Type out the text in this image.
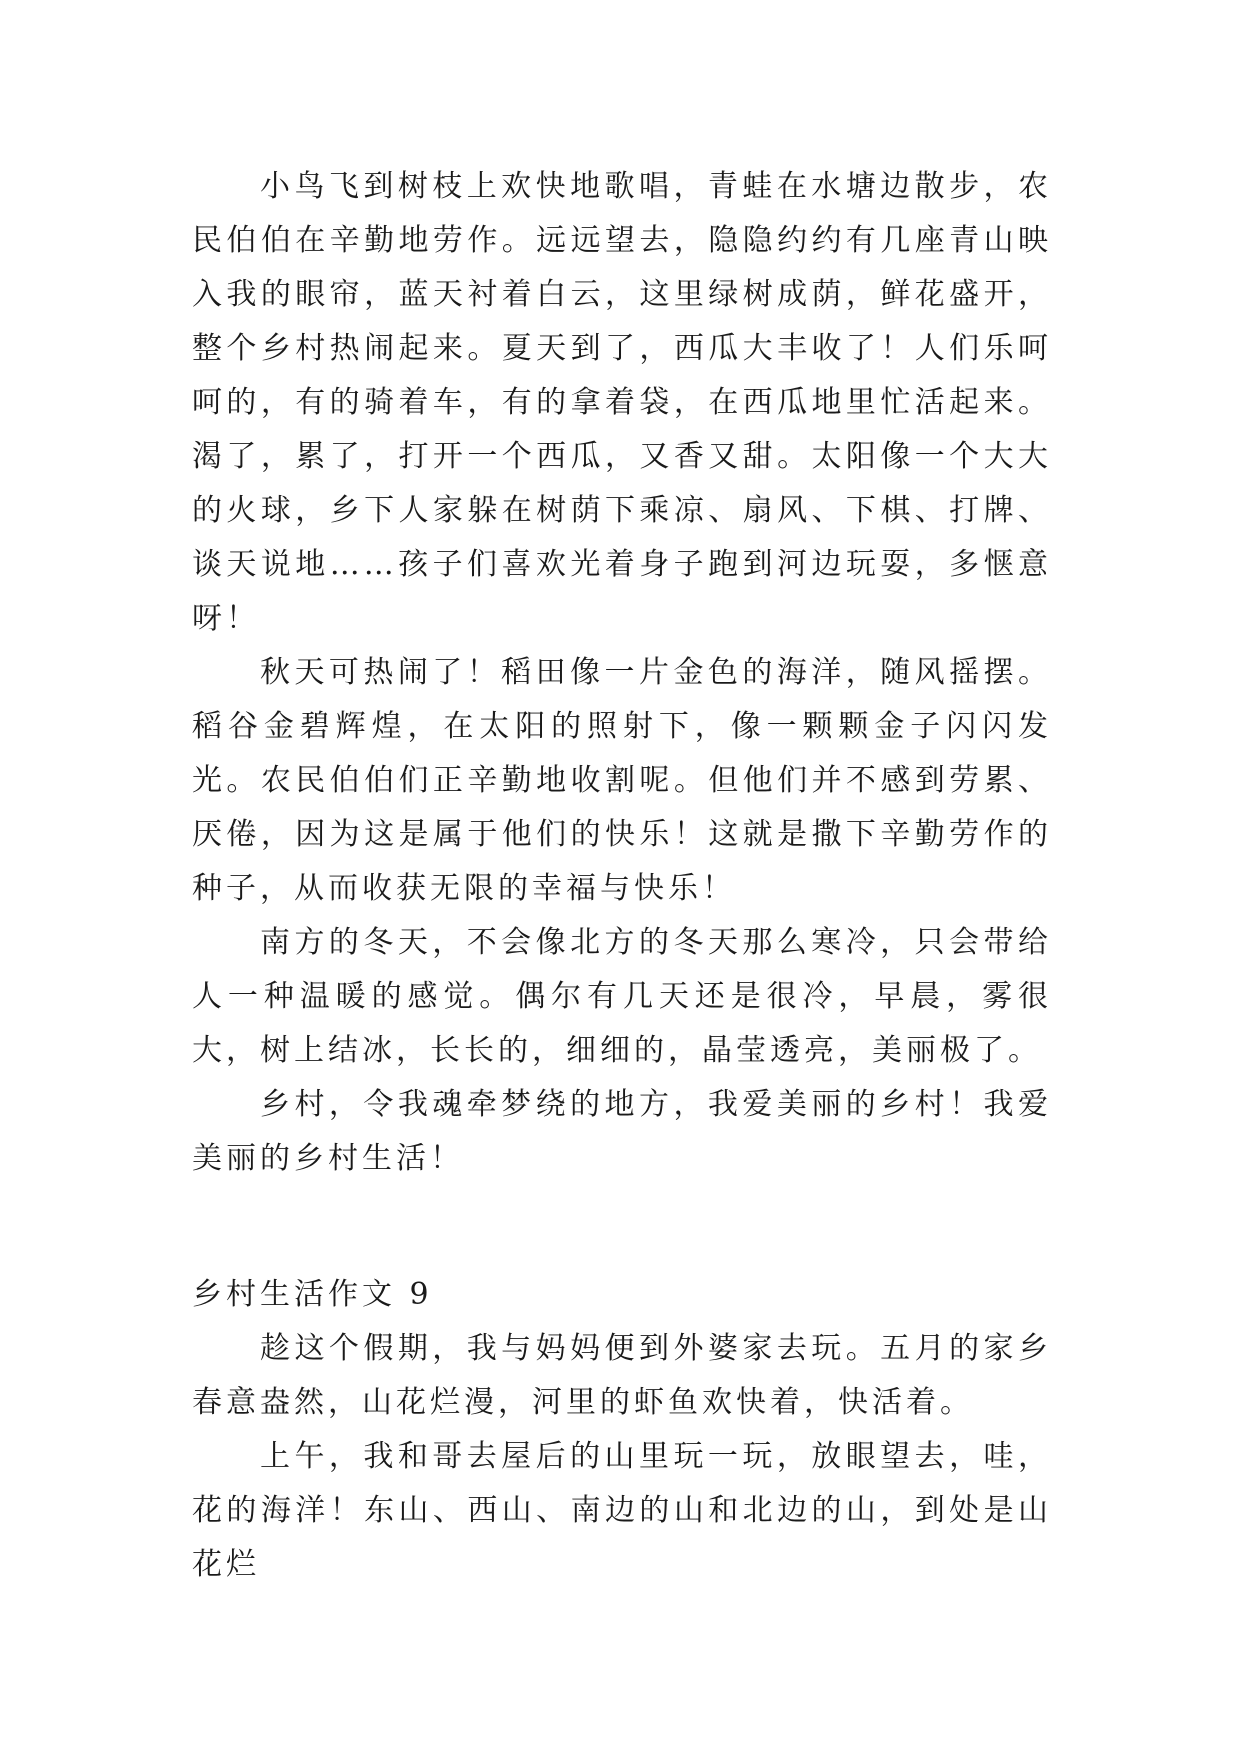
小鸟飞到树枝上欢快地歌唱，青蛙在水塘边散步，农民伯伯在辛勤地劳作。远远望去，隐隐约约有几座青山映入我的眼帘，蓝天衬着白云，这里绿树成荫，鲜花盛开，整个乡村热闹起来。夏天到了，西瓜大丰收了！人们乐呵呵的，有的骑着车，有的拿着袋，在西瓜地里忙活起来。渴了，累了，打开一个西瓜，又香又甜。太阳像一个大大的火球，乡下人家躲在树荫下乘凉、扇风、下棋、打牌、谈天说地……孩子们喜欢光着身子跑到河边玩耍，多惬意呀！

秋天可热闹了！稻田像一片金色的海洋，随风摇摆。稻谷金碧辉煌，在太阳的照射下，像一颗颗金子闪闪发光。农民伯伯们正辛勤地收割呢。但他们并不感到劳累、厌倦，因为这是属于他们的快乐！这就是撒下辛勤劳作的种子，从而收获无限的幸福与快乐！

南方的冬天，不会像北方的冬天那么寒冷，只会带给人一种温暖的感觉。偶尔有几天还是很冷，早晨，雾很大，树上结冰，长长的，细细的，晶莹透亮，美丽极了。

乡村，令我魂牵梦绕的地方，我爱美丽的乡村！我爱美丽的乡村生活！

乡村生活作文 9

趁这个假期，我与妈妈便到外婆家去玩。五月的家乡春意盎然，山花烂漫，河里的虾鱼欢快着，快活着。

上午，我和哥去屋后的山里玩一玩，放眼望去，哇，花的海洋！东山、西山、南边的山和北边的山，到处是山花烂
